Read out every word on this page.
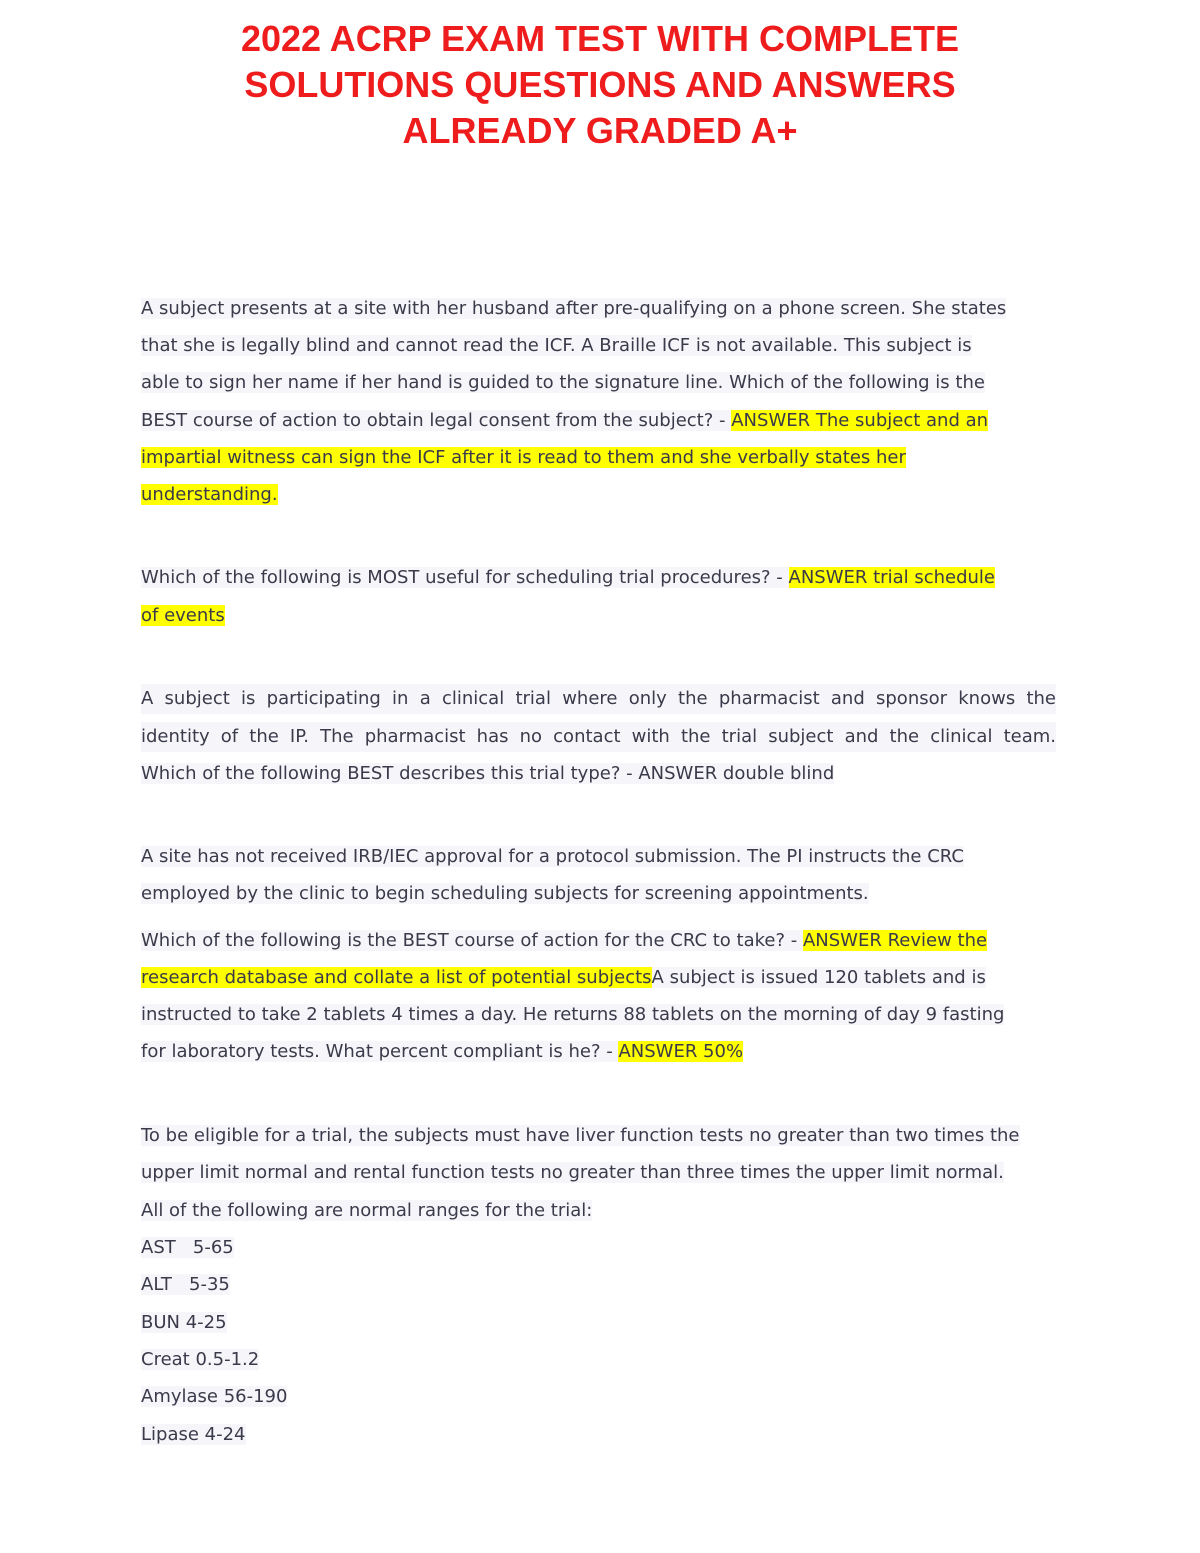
2022 ACRP EXAM TEST WITH COMPLETE
SOLUTIONS QUESTIONS AND ANSWERS
ALREADY GRADED A+
A subject presents at a site with her husband after pre-qualifying on a phone screen. She states
that she is legally blind and cannot read the ICF. A Braille ICF is not available. This subject is
able to sign her name if her hand is guided to the signature line. Which of the following is the
BEST course of action to obtain legal consent from the subject? - ANSWER The subject and an
impartial witness can sign the ICF after it is read to them and she verbally states her
understanding.
Which of the following is MOST useful for scheduling trial procedures? - ANSWER trial schedule
of events
A subject is participating in a clinical trial where only the pharmacist and sponsor knows the
identity of the IP. The pharmacist has no contact with the trial subject and the clinical team.
Which of the following BEST describes this trial type? - ANSWER double blind
A site has not received IRB/IEC approval for a protocol submission. The PI instructs the CRC
employed by the clinic to begin scheduling subjects for screening appointments.
Which of the following is the BEST course of action for the CRC to take? - ANSWER Review the
research database and collate a list of potential subjectsA subject is issued 120 tablets and is
instructed to take 2 tablets 4 times a day. He returns 88 tablets on the morning of day 9 fasting
for laboratory tests. What percent compliant is he? - ANSWER 50%
To be eligible for a trial, the subjects must have liver function tests no greater than two times the
upper limit normal and rental function tests no greater than three times the upper limit normal.
All of the following are normal ranges for the trial:
AST   5-65
ALT   5-35
BUN 4-25
Creat 0.5-1.2
Amylase 56-190
Lipase 4-24
